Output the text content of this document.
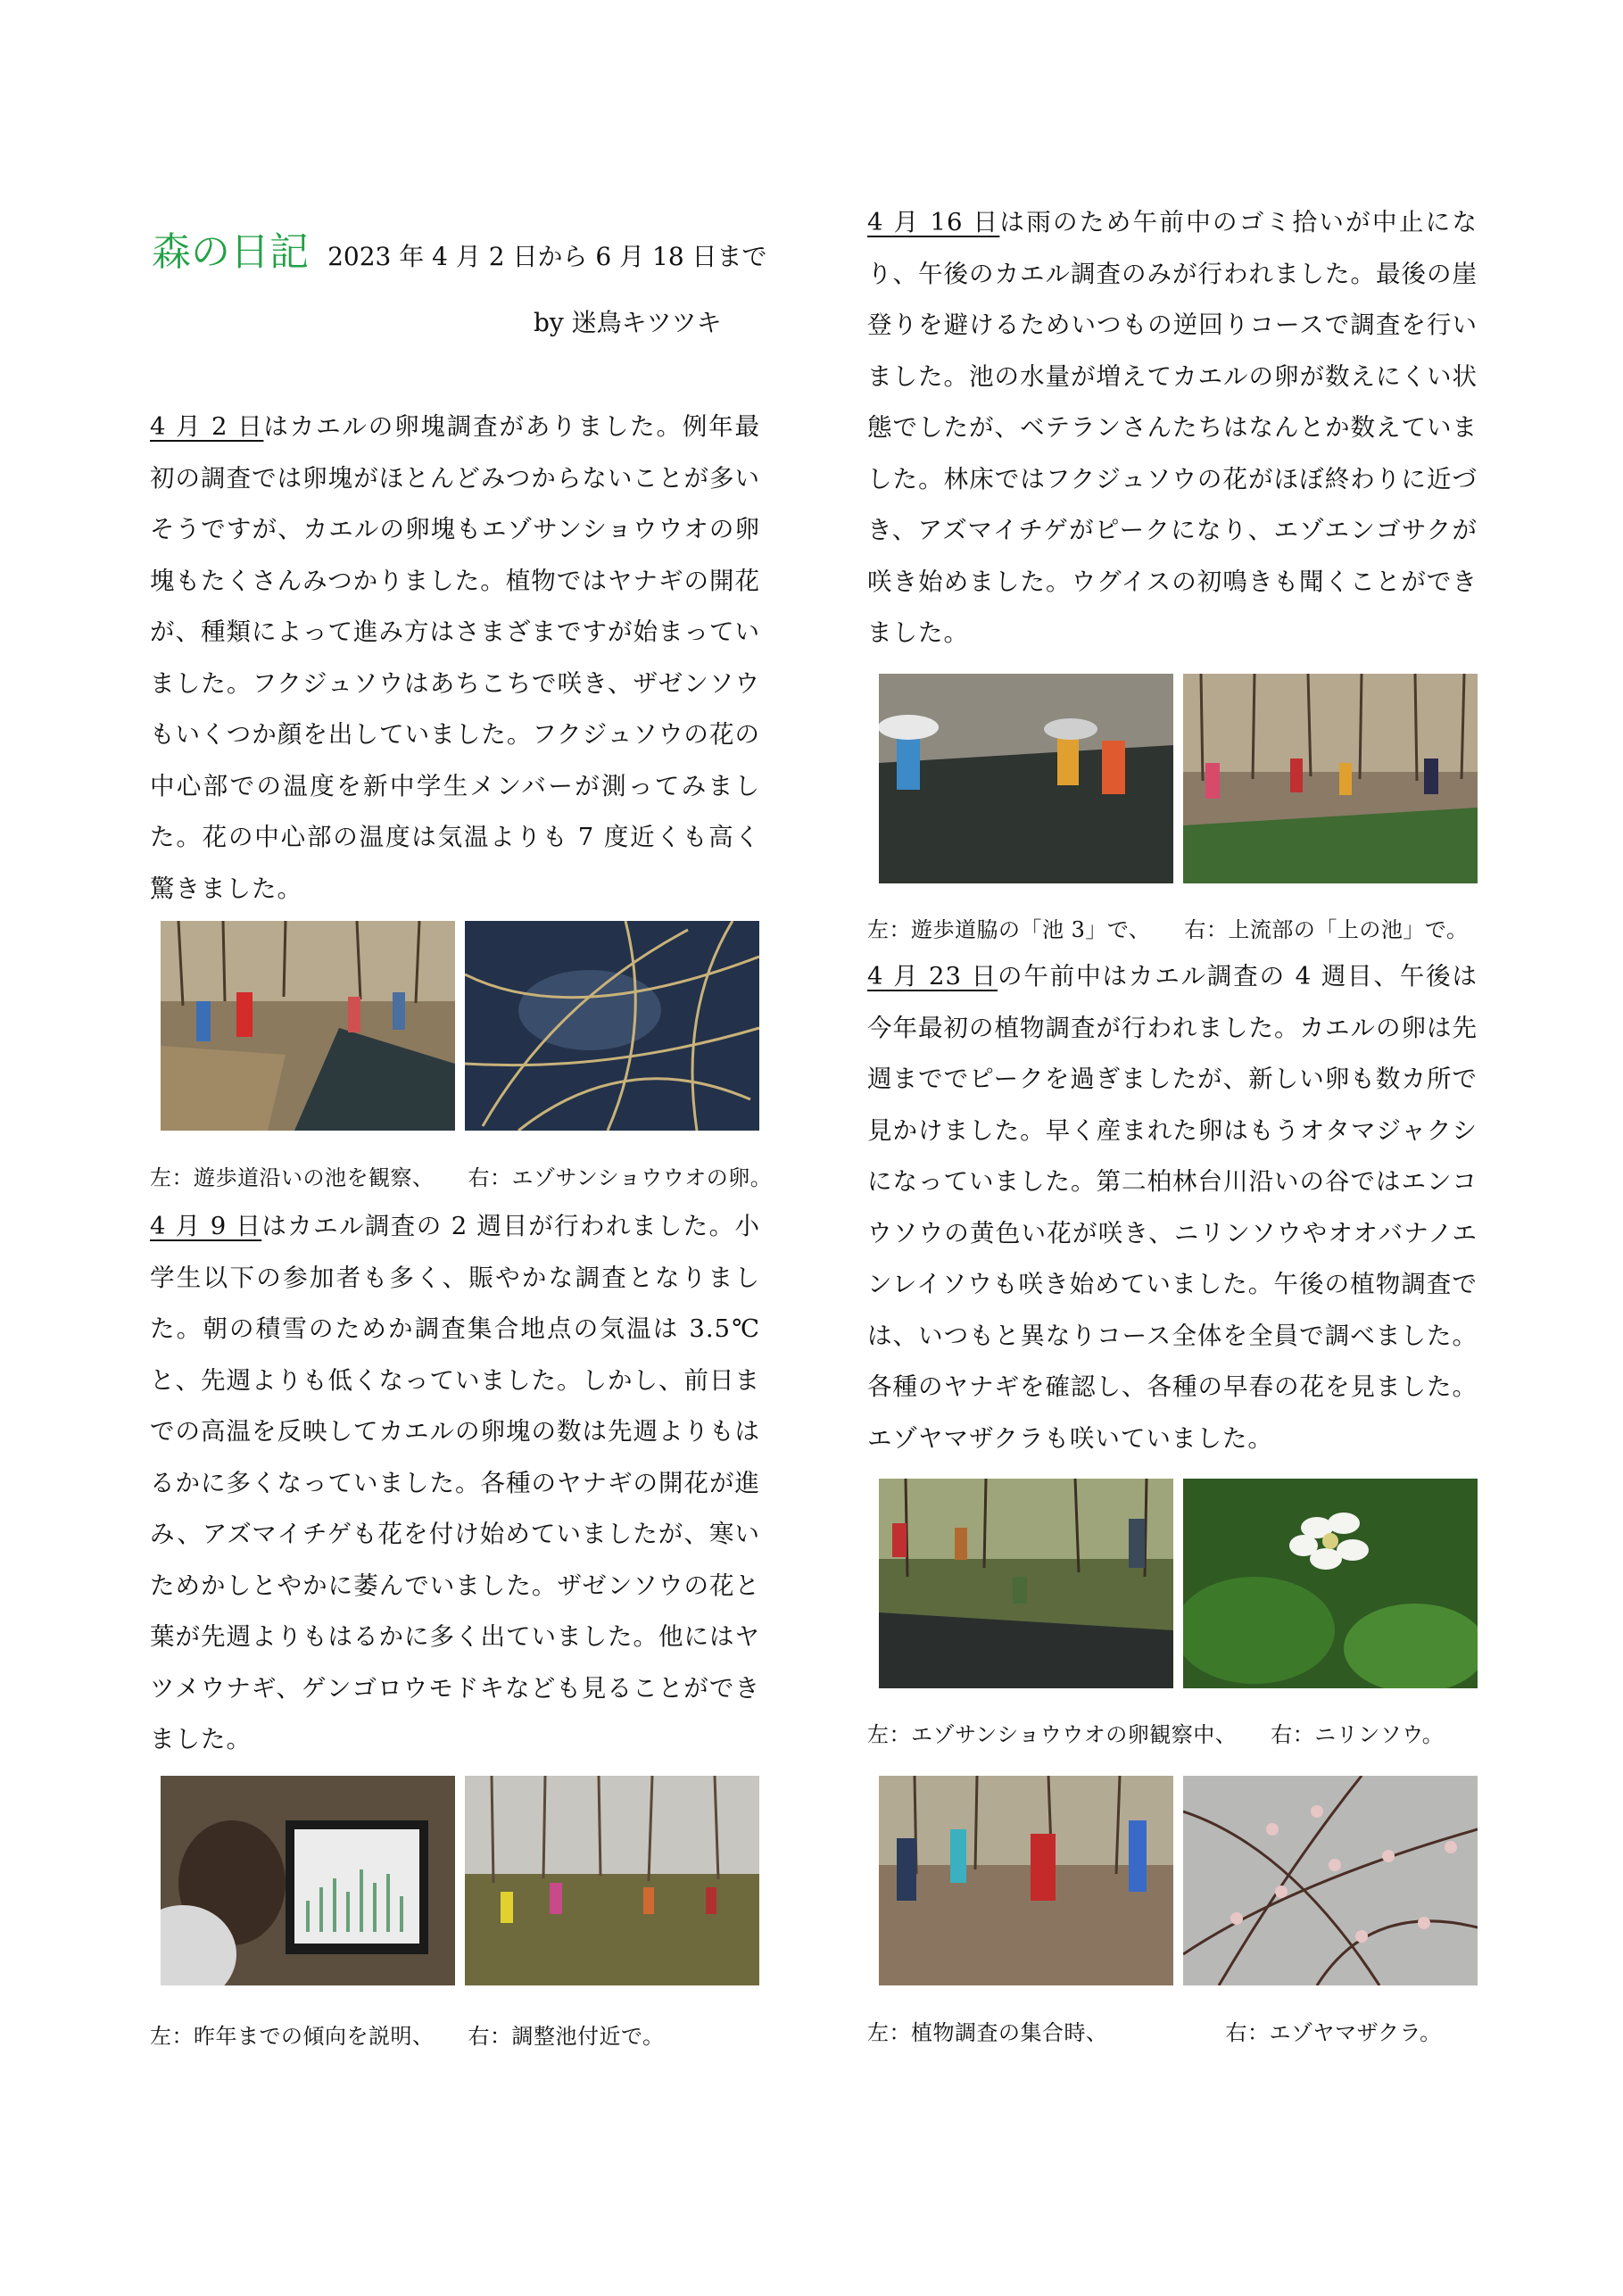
森の日記 2023 年 4 月 2 日から 6 月 18 日まで
by 迷鳥キツツキ

4 月 2 日はカエルの卵塊調査がありました。例年最初の調査では卵塊がほとんどみつからないことが多いそうですが、カエルの卵塊もエゾサンショウウオの卵塊もたくさんみつかりました。植物ではヤナギの開花が、種類によって進み方はさまざまですが始まっていました。フクジュソウはあちこちで咲き、ザゼンソウもいくつか顔を出していました。フクジュソウの花の中心部での温度を新中学生メンバーが測ってみました。花の中心部の温度は気温よりも 7 度近くも高く驚きました。

左：遊歩道沿いの池を観察、 右：エゾサンショウウオの卵。

4 月 9 日はカエル調査の 2 週目が行われました。小学生以下の参加者も多く、賑やかな調査となりました。朝の積雪のためか調査集合地点の気温は 3.5℃と、先週よりも低くなっていました。しかし、前日までの高温を反映してカエルの卵塊の数は先週よりもはるかに多くなっていました。各種のヤナギの開花が進み、アズマイチゲも花を付け始めていましたが、寒いためかしとやかに萎んでいました。ザゼンソウの花と葉が先週よりもはるかに多く出ていました。他にはヤツメウナギ、ゲンゴロウモドキなども見ることができました。

左：昨年までの傾向を説明、 右：調整池付近で。

4 月 16 日は雨のため午前中のゴミ拾いが中止になり、午後のカエル調査のみが行われました。最後の崖登りを避けるためいつもの逆回りコースで調査を行いました。池の水量が増えてカエルの卵が数えにくい状態でしたが、ベテランさんたちはなんとか数えていました。林床ではフクジュソウの花がほぼ終わりに近づき、アズマイチゲがピークになり、エゾエンゴサクが咲き始めました。ウグイスの初鳴きも聞くことができました。

左：遊歩道脇の「池 3」で、 右：上流部の「上の池」で。

4 月 23 日の午前中はカエル調査の 4 週目、午後は今年最初の植物調査が行われました。カエルの卵は先週まででピークを過ぎましたが、新しい卵も数カ所で見かけました。早く産まれた卵はもうオタマジャクシになっていました。第二柏林台川沿いの谷ではエンコウソウの黄色い花が咲き、ニリンソウやオオバナノエンレイソウも咲き始めていました。午後の植物調査では、いつもと異なりコース全体を全員で調べました。各種のヤナギを確認し、各種の早春の花を見ました。エゾヤマザクラも咲いていました。

左：エゾサンショウウオの卵観察中、 右：ニリンソウ。
左：植物調査の集合時、	右：エゾヤマザクラ。
